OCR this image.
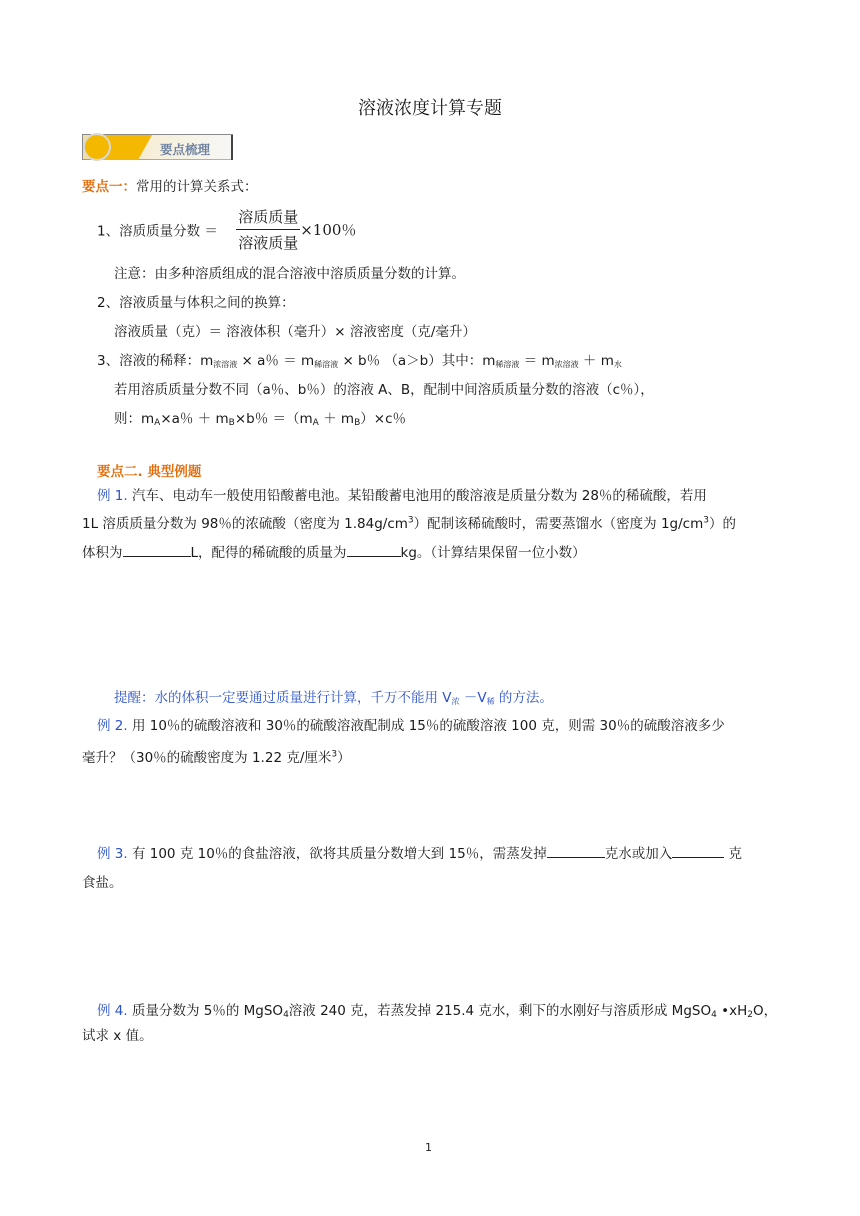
溶液浓度计算专题
要点梳理
要点一：常用的计算关系式：
1、溶质质量分数 ＝ $\frac{\text{溶质质量}}{\text{溶液质量}} \times 100$％
注意：由多种溶质组成的混合溶液中溶质质量分数的计算。
2、溶液质量与体积之间的换算：
溶液质量（克）＝ 溶液体积（毫升）× 溶液密度（克/毫升）
3、溶液的稀释：$m_{浓溶液} \times a$％ ＝ $m_{稀溶液} \times b$％ （a＞b）其中：$m_{稀溶液} = m_{浓溶液} + m_水$
若用溶质质量分数不同（a％、b％）的溶液 A、B，配制中间溶质质量分数的溶液（c％），
则：$m_A\times a$％ ＋ $m_B\times b$％ $=(m_A + m_B)\times c$％
要点二. 典型例题
例 1. 汽车、电动车一般使用铅酸蓄电池。某铅酸蓄电池用的酸溶液是质量分数为 28％的稀硫酸，若用
1L 溶质质量分数为 98％的浓硫酸（密度为 $1.84g/cm^3$）配制该稀硫酸时，需要蒸馏水（密度为 $1g/cm^3$）的
体积为	L，配得的稀硫酸的质量为	kg。（计算结果保留一位小数）
提醒：水的体积一定要通过质量进行计算，千万不能用 $V_浓 -V_稀$ 的方法。
例 2. 用 10％的硫酸溶液和 30％的硫酸溶液配制成 15％的硫酸溶液 100 克，则需 30％的硫酸溶液多少
毫升？（30％的硫酸密度为 1.22 克/厘米$^3$）
例 3. 有 100 克 10％的食盐溶液，欲将其质量分数增大到 15％，需蒸发掉	克水或加入	克
食盐。
例 4. 质量分数为 5％的 MgSO$_4$溶液 240 克，若蒸发掉 215.4 克水，剩下的水刚好与溶质形成 MgSO$_4$ $•xH_2O$，
试求 x 值。
1
